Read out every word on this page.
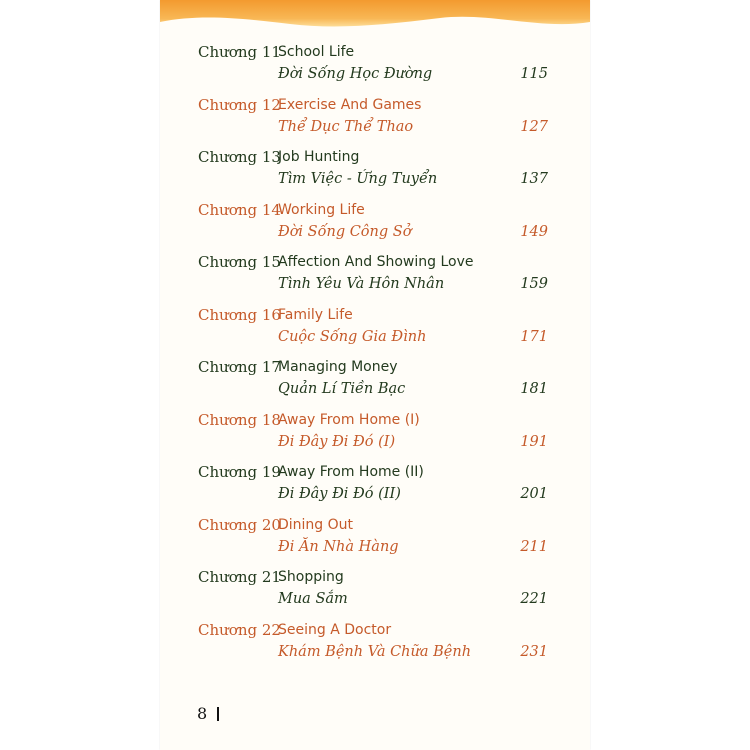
Chương 11
School Life
Đời Sống Học Đường	115
Chương 12
Exercise And Games
Thể Dục Thể Thao	127
Chương 13
Job Hunting
Tìm Việc - Ứng Tuyển	137
Chương 14
Working Life
Đời Sống Công Sở	149
Chương 15
Affection And Showing Love
Tình Yêu Và Hôn Nhân	159
Chương 16
Family Life
Cuộc Sống Gia Đình	171
Chương 17
Managing Money
Quản Lí Tiền Bạc	181
Chương 18
Away From Home (I)
Đi Đây Đi Đó (I)	191
Chương 19
Away From Home (II)
Đi Đây Đi Đó (II)	201
Chương 20
Dining Out
Đi Ăn Nhà Hàng	211
Chương 21
Shopping
Mua Sắm	221
Chương 22
Seeing A Doctor
Khám Bệnh Và Chữa Bệnh	231
8
